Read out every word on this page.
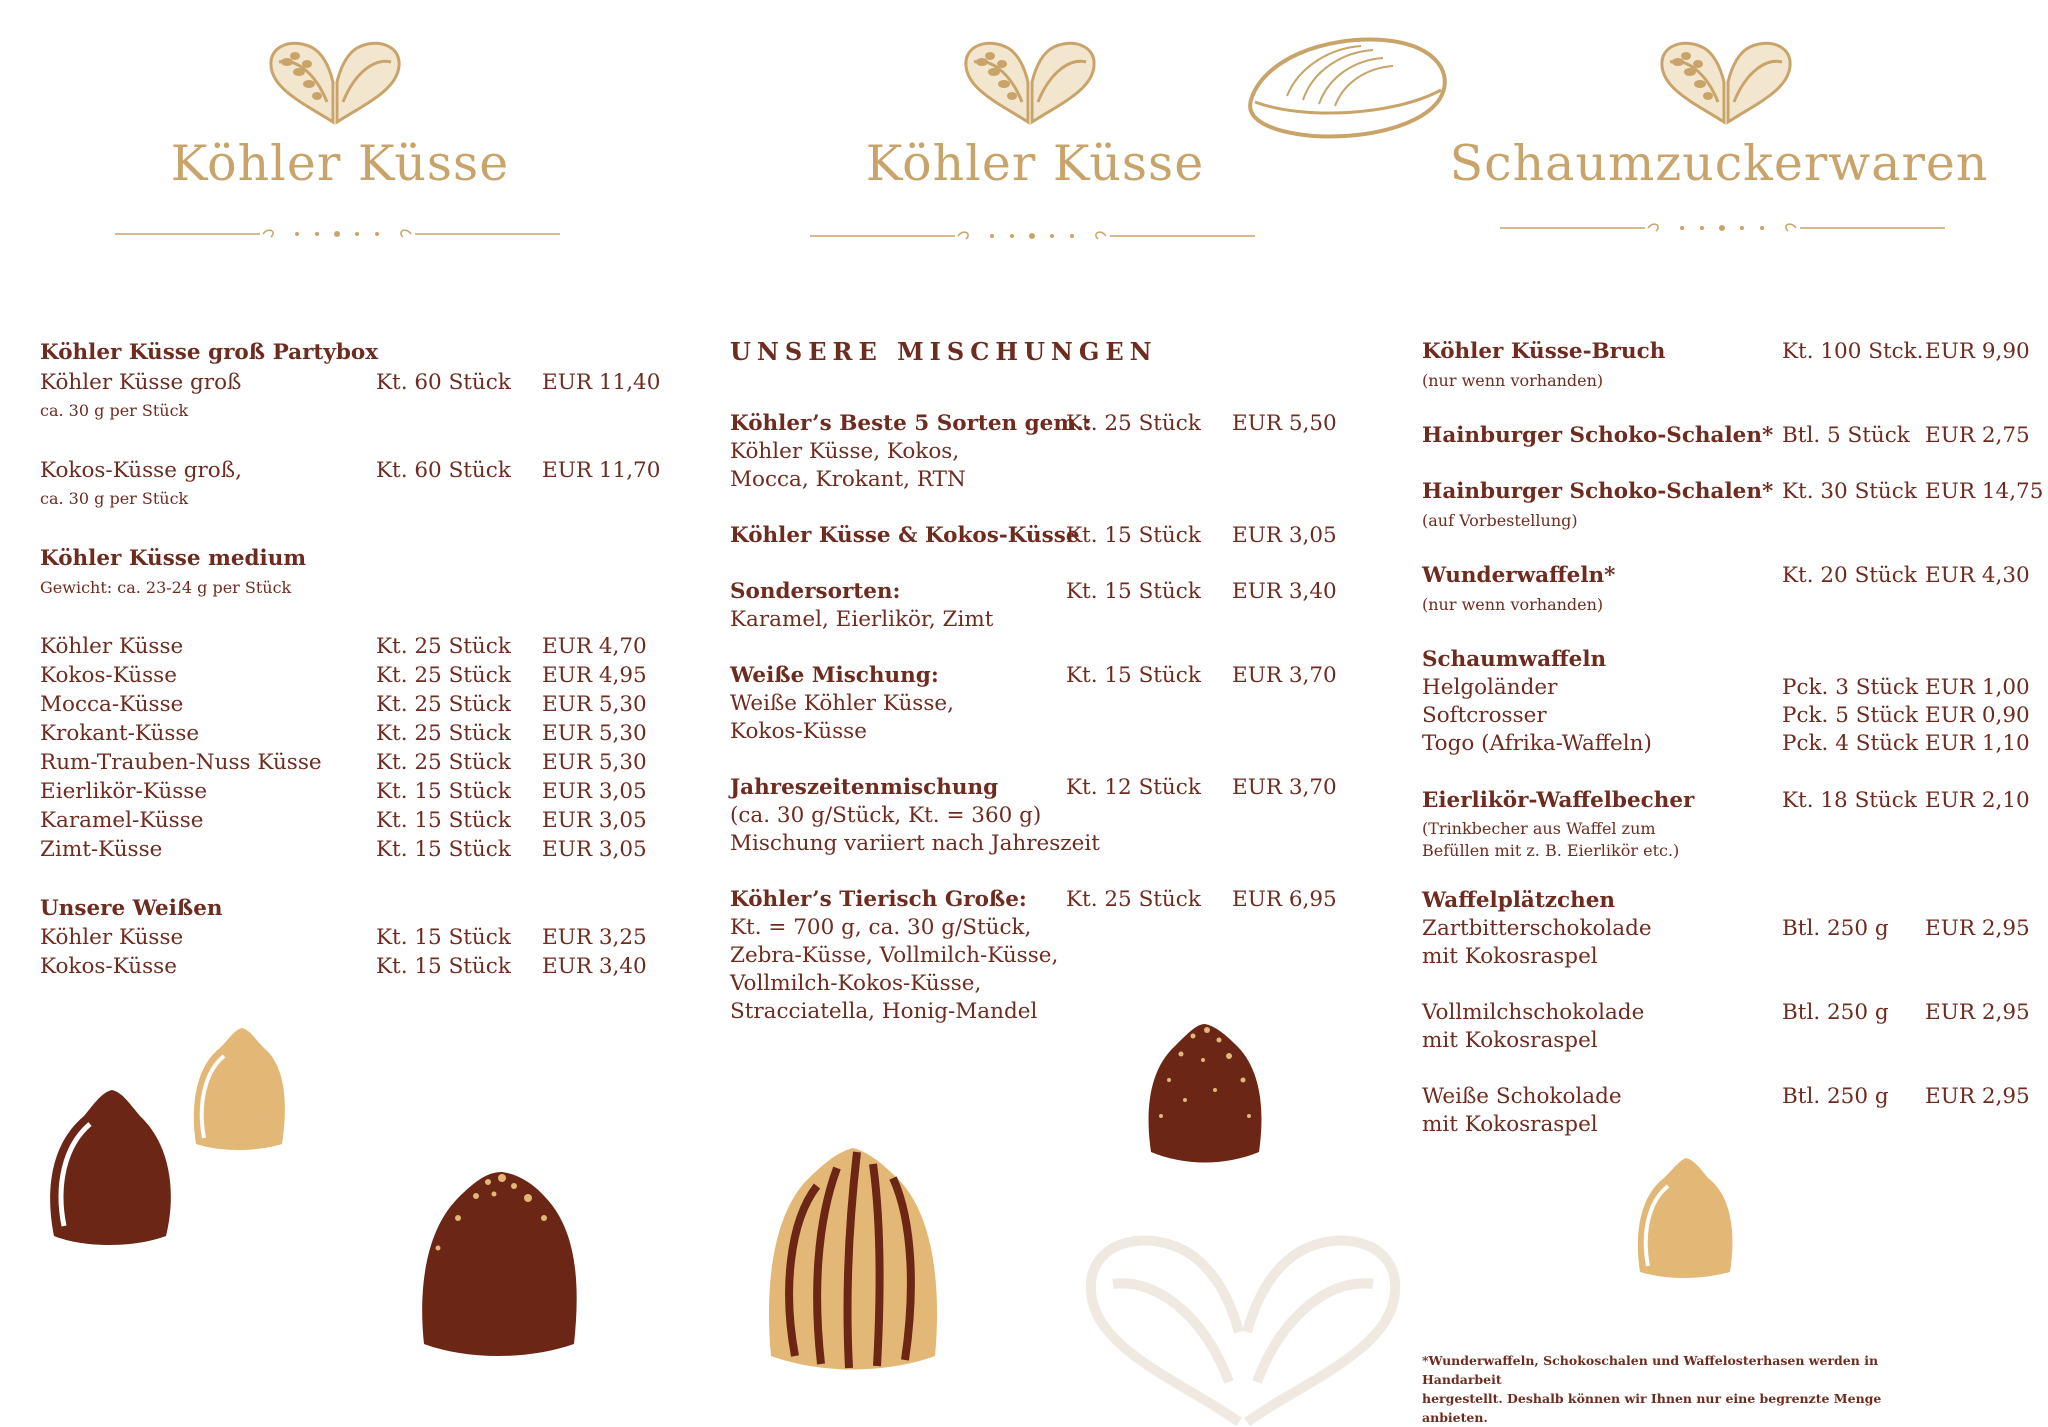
Köhler Küsse
Köhler Küsse groß Partybox
Köhler Küsse groß	Kt. 60 Stück EUR 11,40
ca. 30 g per Stück
Kokos-Küsse groß,	Kt. 60 Stück EUR 11,70
ca. 30 g per Stück
Köhler Küsse medium
Gewicht: ca. 23-24 g per Stück
Köhler Küsse	Kt. 25 Stück EUR 4,70
Kokos-Küsse	Kt. 25 Stück EUR 4,95
Mocca-Küsse	Kt. 25 Stück EUR 5,30
Krokant-Küsse	Kt. 25 Stück EUR 5,30
Rum-Trauben-Nuss Küsse	Kt. 25 Stück EUR 5,30
Eierlikör-Küsse	Kt. 15 Stück EUR 3,05
Karamel-Küsse	Kt. 15 Stück EUR 3,05
Zimt-Küsse	Kt. 15 Stück EUR 3,05
Unsere Weißen
Köhler Küsse	Kt. 15 Stück EUR 3,25
Kokos-Küsse	Kt. 15 Stück EUR 3,40
Köhler Küsse
UNSERE MISCHUNGEN
Köhler’s Beste 5 Sorten gem.:
Kt. 25 Stück EUR 5,50
Köhler Küsse, Kokos,
Mocca, Krokant, RTN
Köhler Küsse & Kokos-Küsse
Kt. 15 Stück EUR 3,05
Sondersorten:	Kt. 15 Stück EUR 3,40
Karamel, Eierlikör, Zimt
Weiße Mischung:	Kt. 15 Stück EUR 3,70
Weiße Köhler Küsse,
Kokos-Küsse
Jahreszeitenmischung	Kt. 12 Stück EUR 3,70
(ca. 30 g/Stück, Kt. = 360 g)
Mischung variiert nach Jahreszeit
Köhler’s Tierisch Große: Kt. 25 Stück EUR 6,95
Kt. = 700 g, ca. 30 g/Stück,
Zebra-Küsse, Vollmilch-Küsse,
Vollmilch-Kokos-Küsse,
Stracciatella, Honig-Mandel
Schaumzuckerwaren
Köhler Küsse-Bruch	Kt. 100 Stck. EUR 9,90
(nur wenn vorhanden)
Hainburger Schoko-Schalen* Btl. 5 Stück EUR 2,75
Hainburger Schoko-Schalen* Kt. 30 Stück EUR 14,75
(auf Vorbestellung)
Wunderwaffeln*	Kt. 20 Stück EUR 4,30
(nur wenn vorhanden)
Schaumwaffeln
Helgoländer	Pck. 3 Stück EUR 1,00
Softcrosser	Pck. 5 Stück EUR 0,90
Togo (Afrika-Waffeln)	Pck. 4 Stück EUR 1,10
Eierlikör-Waffelbecher	Kt. 18 Stück EUR 2,10
(Trinkbecher aus Waffel zum
Befüllen mit z. B. Eierlikör etc.)
Waffelplätzchen
Zartbitterschokolade	Btl. 250 g EUR 2,95
mit Kokosraspel
Vollmilchschokolade	Btl. 250 g EUR 2,95
mit Kokosraspel
Weiße Schokolade	Btl. 250 g EUR 2,95
mit Kokosraspel
*Wunderwaffeln, Schokoschalen und Waffelosterhasen werden in Handarbeit
hergestellt. Deshalb können wir Ihnen nur eine begrenzte Menge anbieten.
